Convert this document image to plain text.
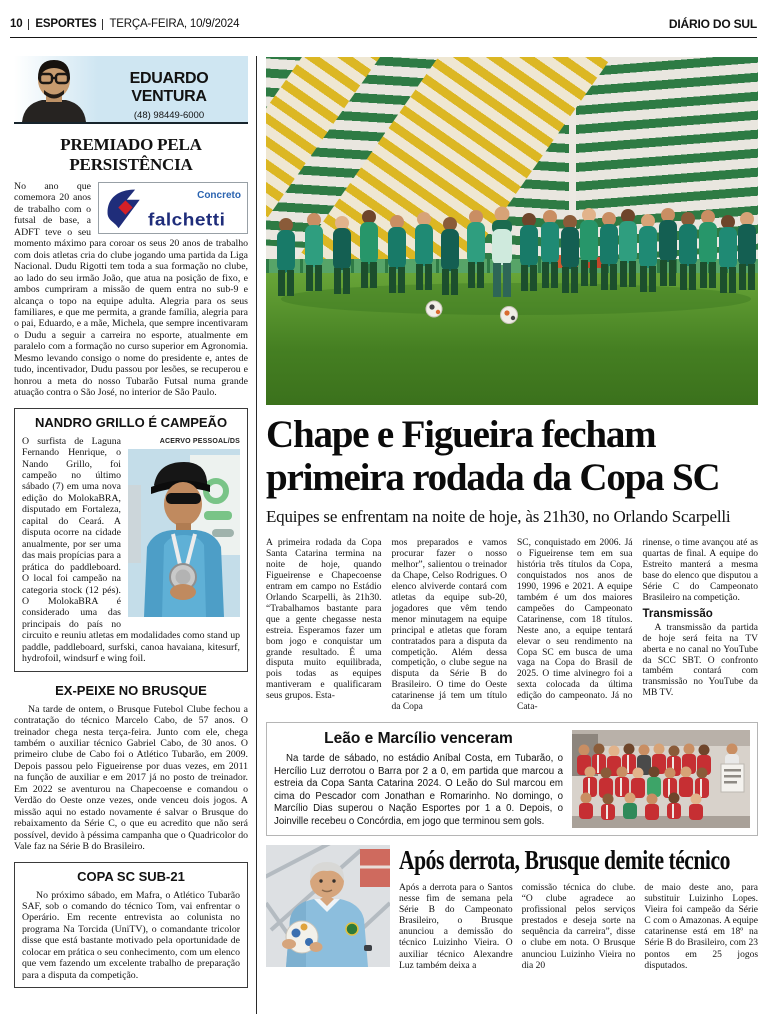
10 ESPORTES TERÇA-FEIRA, 10/9/2024	DIÁRIO DO SUL
EDUARDO VENTURA
(48) 98449-6000
PREMIADO PELA PERSISTÊNCIA
Concreto
falchetti
No ano que comemora 20 anos de trabalho com o futsal de base, a ADFT teve o seu momento máximo para coroar os seus 20 anos de trabalho com dois atletas cria do clube jogando uma partida da Liga Nacional. Dudu Rigotti tem toda a sua formação no clube, ao lado do seu irmão João, que atua na posição de fixo, e ambos cumpriram a missão de quem entra no sub-9 e alcança o topo na equipe adulta. Alegria para os seus familiares, e que me permita, a grande família, alegria para o pai, Eduardo, e a mãe, Michela, que sempre incentivaram o Dudu a seguir a carreira no esporte, atualmente em paralelo com a formação no curso superior em Agronomia. Mesmo levando consigo o nome do presidente e, antes de tudo, incentivador, Dudu passou por lesões, se recuperou e honrou a meta do nosso Tubarão Futsal numa grande atuação contra o São José, no interior de São Paulo.
NANDRO GRILLO É CAMPEÃO
ACERVO PESSOAL/DS
O surfista de Laguna Fernando Henrique, o Nando Grillo, foi campeão no último sábado (7) em uma nova edição do MolokaBRA, disputado em Fortaleza, capital do Ceará. A disputa ocorre na cidade anualmente, por ser uma das mais propícias para a prática do paddleboard. O local foi campeão na categoria stock (12 pés). O MolokaBRA é considerado uma das principais do país no circuito e reuniu atletas em modalidades como stand up paddle, paddleboard, surfski, canoa havaiana, kitesurf, hydrofoil, windsurf e wing foil.
EX-PEIXE NO BRUSQUE
Na tarde de ontem, o Brusque Futebol Clube fechou a contratação do técnico Marcelo Cabo, de 57 anos. O treinador chega nesta terça-feira. Junto com ele, chega também o auxiliar técnico Gabriel Cabo, de 30 anos. O primeiro clube de Cabo foi o Atlético Tubarão, em 2009. Depois passou pelo Figueirense por duas vezes, em 2011 na função de auxiliar e em 2017 já no posto de treinador. Em 2022 se aventurou na Chapecoense e comandou o Verdão do Oeste onze vezes, onde venceu dois jogos. A missão aqui no estado novamente é salvar o Brusque do rebaixamento da Série C, o que eu acredito que não será possível, devido à péssima campanha que o Quadricolor do Vale faz na Série B do Brasileiro.
COPA SC SUB-21
No próximo sábado, em Mafra, o Atlético Tubarão SAF, sob o comando do técnico Tom, vai enfrentar o Operário. Em recente entrevista ao colunista no programa Na Torcida (UniTV), o comandante tricolor disse que está bastante motivado pela oportunidade de colocar em prática o seu conhecimento, com um elenco que vem fazendo um excelente trabalho de preparação para a disputa da competição.
Chape e Figueira fecham primeira rodada da Copa SC
Equipes se enfrentam na noite de hoje, às 21h30, no Orlando Scarpelli
A primeira rodada da Copa Santa Catarina termina na noite de hoje, quando Figueirense e Chapecoense entram em campo no Estádio Orlando Scarpelli, às 21h30. “Trabalhamos bastante para que a gente chegasse nesta estreia. Esperamos fazer um bom jogo e conquistar um grande resultado. É uma disputa muito equilibrada, pois todas as equipes mantiveram e qualificaram seus grupos. Esta-
mos preparados e vamos procurar fazer o nosso melhor”, salientou o treinador da Chape, Celso Rodrigues. O elenco alviverde contará com atletas da equipe sub-20, jogadores que vêm tendo menor minutagem na equipe principal e atletas que foram contratados para a disputa da competição. Além dessa competição, o clube segue na disputa da Série B do Brasileiro. O time do Oeste catarinense já tem um título da Copa
SC, conquistado em 2006. Já o Figueirense tem em sua história três títulos da Copa, conquistados nos anos de 1990, 1996 e 2021. A equipe também é um dos maiores campeões do Campeonato Catarinense, com 18 títulos. Neste ano, a equipe tentará elevar o seu rendimento na Copa SC em busca de uma vaga na Copa do Brasil de 2025. O time alvinegro foi a sexta colocada da última edição do campeonato. Já no Cata-
rinense, o time avançou até as quartas de final. A equipe do Estreito manterá a mesma base do elenco que disputou a Série C do Campeonato Brasileiro na competição.
Transmissão
A transmissão da partida de hoje será feita na TV aberta e no canal no YouTube da SCC SBT. O confronto também contará com transmissão no YouTube da MB TV.
Leão e Marcílio venceram
Na tarde de sábado, no estádio Aníbal Costa, em Tubarão, o Hercílio Luz derrotou o Barra por 2 a 0, em partida que marcou a estreia da Copa Santa Catarina 2024. O Leão do Sul marcou em cima do Pescador com Jonathan e Romarinho. No domingo, o Marcílio Dias superou o Nação Esportes por 1 a 0. Depois, o Joinville recebeu o Concórdia, em jogo que terminou sem gols.
Após derrota, Brusque demite técnico
Após a derrota para o Santos nesse fim de semana pela Série B do Campeonato Brasileiro, o Brusque anunciou a demissão do técnico Luizinho Vieira. O auxiliar técnico Alexandre Luz também deixa a
comissão técnica do clube. “O clube agradece ao profissional pelos serviços prestados e deseja sorte na sequência da carreira”, disse o clube em nota. O Brusque anunciou Luizinho Vieira no dia 20
de maio deste ano, para substituir Luizinho Lopes. Vieira foi campeão da Série C com o Amazonas. A equipe catarinense está em 18º na Série B do Brasileiro, com 23 pontos em 25 jogos disputados.
